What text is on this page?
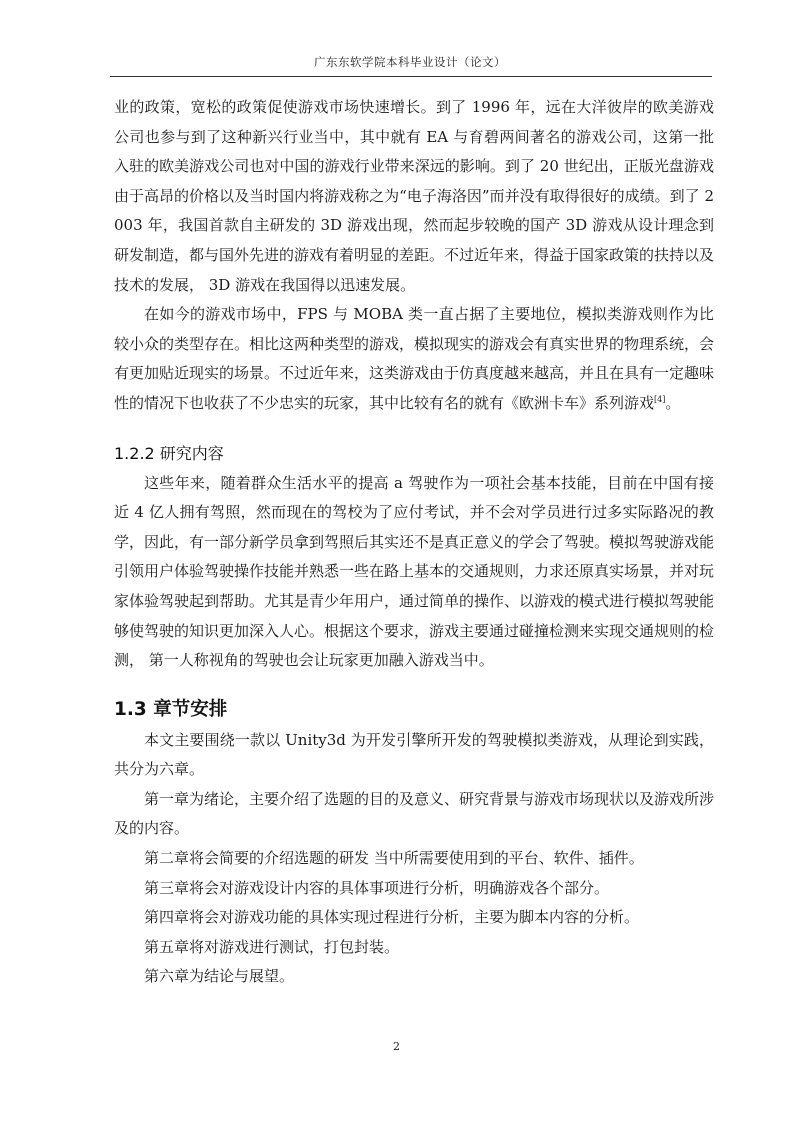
广东东软学院本科毕业设计（论文）

业的政策，宽松的政策促使游戏市场快速增长。到了 1996 年，远在大洋彼岸的欧美游戏公司也参与到了这种新兴行业当中，其中就有 EA 与育碧两间著名的游戏公司，这第一批入驻的欧美游戏公司也对中国的游戏行业带来深远的影响。到了 20 世纪出，正版光盘游戏由于高昂的价格以及当时国内将游戏称之为“电子海洛因”而并没有取得很好的成绩。到了 2003 年，我国首款自主研发的 3D 游戏出现，然而起步较晚的国产 3D 游戏从设计理念到研发制造，都与国外先进的游戏有着明显的差距。不过近年来，得益于国家政策的扶持以及技术的发展， 3D 游戏在我国得以迅速发展。

在如今的游戏市场中，FPS 与 MOBA 类一直占据了主要地位，模拟类游戏则作为比较小众的类型存在。相比这两种类型的游戏，模拟现实的游戏会有真实世界的物理系统，会有更加贴近现实的场景。不过近年来，这类游戏由于仿真度越来越高，并且在具有一定趣味性的情况下也收获了不少忠实的玩家，其中比较有名的就有《欧洲卡车》系列游戏[4]。

1.2.2 研究内容

这些年来，随着群众生活水平的提高 a 驾驶作为一项社会基本技能，目前在中国有接近 4 亿人拥有驾照，然而现在的驾校为了应付考试，并不会对学员进行过多实际路况的教学，因此，有一部分新学员拿到驾照后其实还不是真正意义的学会了驾驶。模拟驾驶游戏能引领用户体验驾驶操作技能并熟悉一些在路上基本的交通规则，力求还原真实场景，并对玩家体验驾驶起到帮助。尤其是青少年用户，通过简单的操作、以游戏的模式进行模拟驾驶能够使驾驶的知识更加深入人心。根据这个要求，游戏主要通过碰撞检测来实现交通规则的检测， 第一人称视角的驾驶也会让玩家更加融入游戏当中。

1.3 章节安排

本文主要围绕一款以 Unity3d 为开发引擎所开发的驾驶模拟类游戏，从理论到实践，共分为六章。

第一章为绪论，主要介绍了选题的目的及意义、研究背景与游戏市场现状以及游戏所涉及的内容。

第二章将会简要的介绍选题的研发 当中所需要使用到的平台、软件、插件。

第三章将会对游戏设计内容的具体事项进行分析，明确游戏各个部分。

第四章将会对游戏功能的具体实现过程进行分析，主要为脚本内容的分析。

第五章将对游戏进行测试，打包封装。

第六章为结论与展望。

2
